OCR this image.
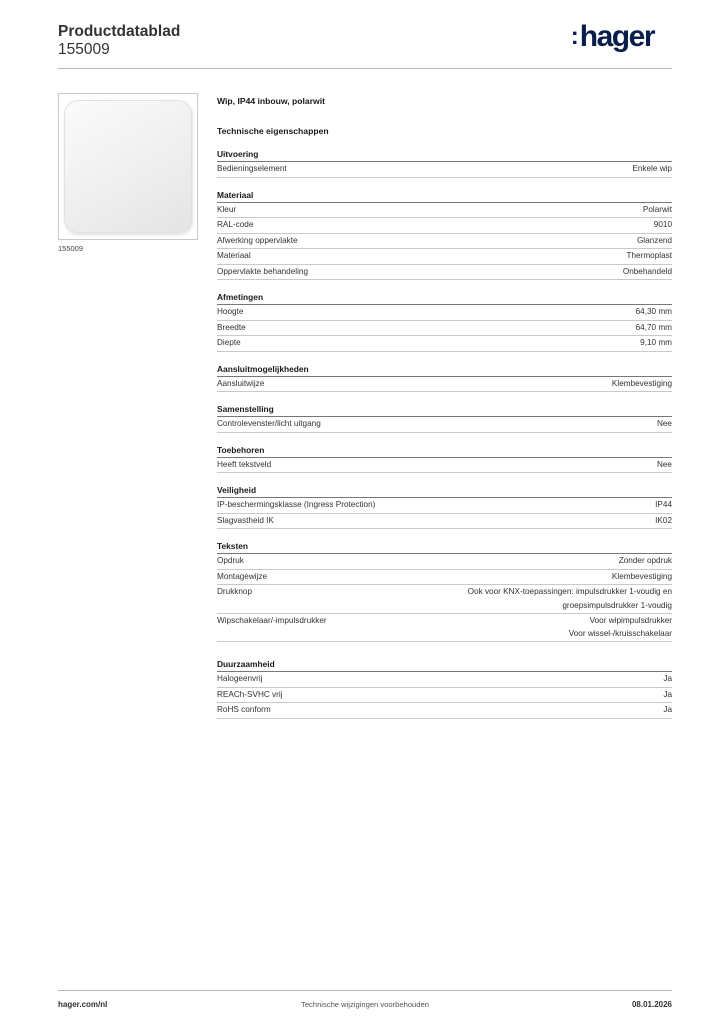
Productdatablad
155009	:hager
155009
Wip, IP44 inbouw, polarwit
Technische eigenschappen
Uitvoering
Bedieningselement	Enkele wip
Materiaal
Kleur	Polarwit
RAL-code	9010
Afwerking oppervlakte	Glanzend
Materiaal	Thermoplast
Oppervlakte behandeling	Onbehandeld
Afmetingen
Hoogte	64,30 mm
Breedte	64,70 mm
Diepte	9,10 mm
Aansluitmogelijkheden
Aansluitwijze	Klembevestiging
Samenstelling
Controlevenster/licht uitgang	Nee
Toebehoren
Heeft tekstveld	Nee
Veiligheid
IP-beschermingsklasse (Ingress Protection)	IP44
Slagvastheid IK	IK02
Teksten
Opdruk	Zonder opdruk
Montagewijze	Klembevestiging
Drukknop	Ook voor KNX-toepassingen: impulsdrukker 1-voudig en
groepsimpulsdrukker 1-voudig
Wipschakelaar/-impulsdrukker	Voor wipimpulsdrukker
Voor wissel-/kruisschakelaar
Duurzaamheid
Halogeenvrij	Ja
REACh-SVHC vrij	Ja
RoHS conform	Ja
hager.com/nl	Technische wijzigingen voorbehouden	08.01.2026
